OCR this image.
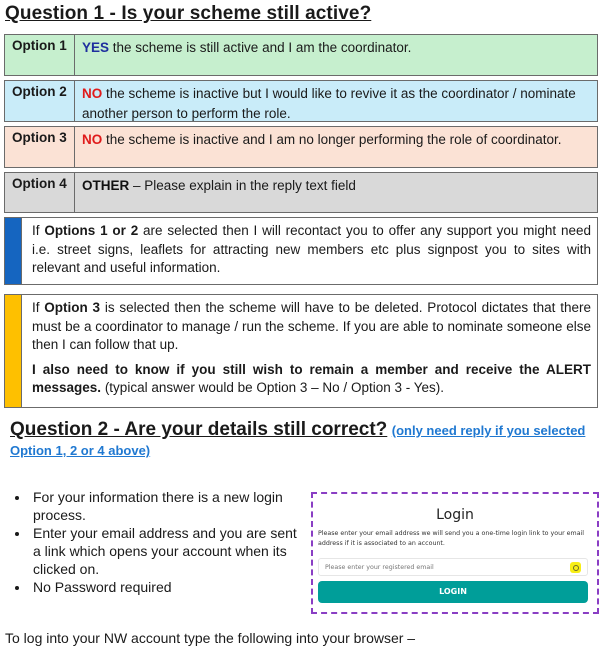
Question 1 - Is your scheme still active?
Option 1	YES the scheme is still active and I am the coordinator.
Option 2	NO the scheme is inactive but I would like to revive it as the coordinator / nominate another person to perform the role.
Option 3	NO the scheme is inactive and I am no longer performing the role of coordinator.
Option 4	OTHER – Please explain in the reply text field
If Options 1 or 2 are selected then I will recontact you to offer any support you might need i.e. street signs, leaflets for attracting new members etc plus signpost you to sites with relevant and useful information.

If Option 3 is selected then the scheme will have to be deleted. Protocol dictates that there must be a coordinator to manage / run the scheme. If you are able to nominate someone else then I can follow that up.

I also need to know if you still wish to remain a member and receive the ALERT messages. (typical answer would be Option 3 – No / Option 3 - Yes).

Question 2 - Are your details still correct? (only need reply if you selected Option 1, 2 or 4 above)
• For your information there is a new login process.
• Enter your email address and you are sent a link which opens your account when its clicked on.
• No Password required
Login
Please enter your email address we will send you a one-time login link to your email address if it is associated to an account.
Please enter your registered email
LOGIN
To log into your NW account type the following into your browser –
